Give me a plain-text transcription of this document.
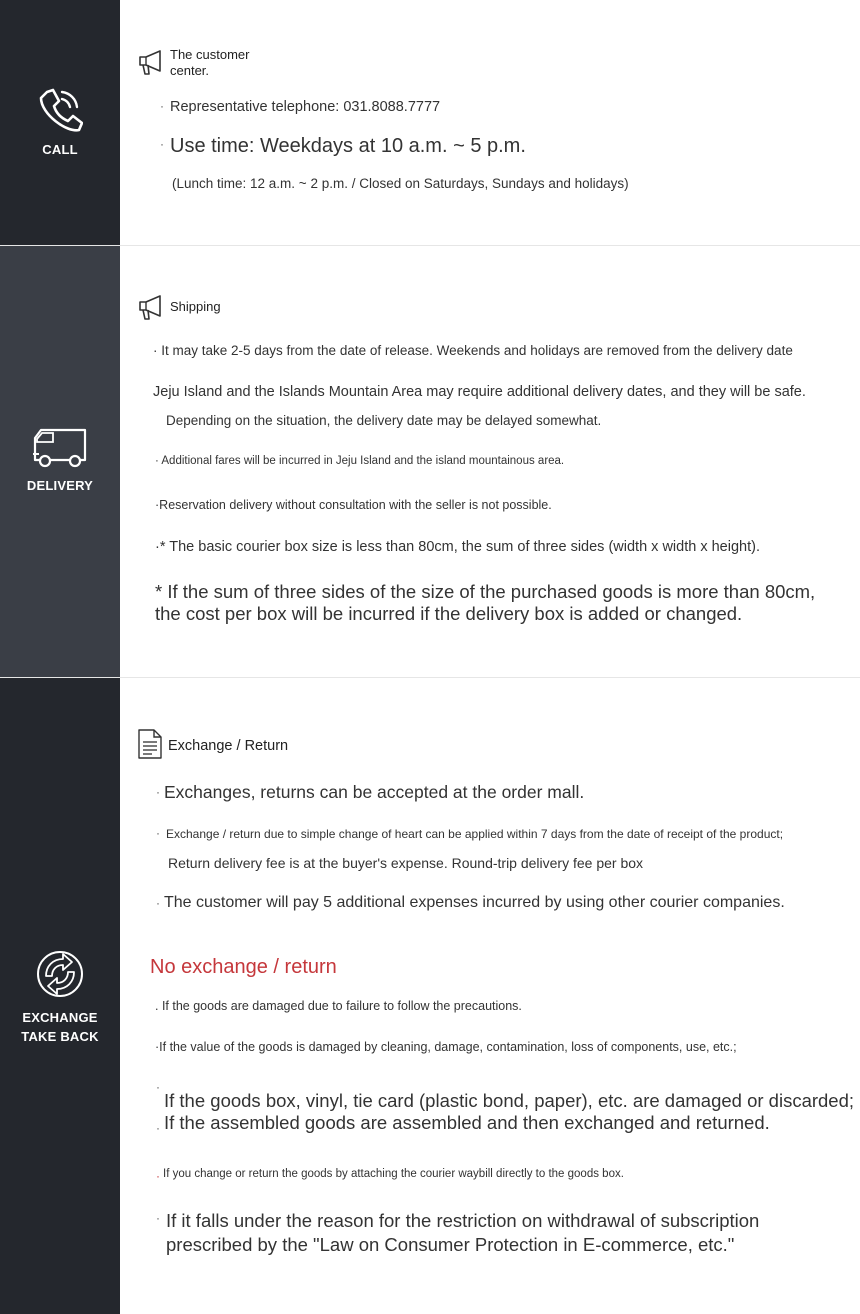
CALL
The customer
center.
· Representative telephone: 031.8088.7777
· Use time: Weekdays at 10 a.m. ~ 5 p.m.
(Lunch time: 12 a.m. ~ 2 p.m. / Closed on Saturdays, Sundays and holidays)
DELIVERY
Shipping
· It may take 2-5 days from the date of release. Weekends and holidays are removed from the delivery date
Jeju Island and the Islands Mountain Area may require additional delivery dates, and they will be safe.
Depending on the situation, the delivery date may be delayed somewhat.
· Additional fares will be incurred in Jeju Island and the island mountainous area.
·Reservation delivery without consultation with the seller is not possible.
·* The basic courier box size is less than 80cm, the sum of three sides (width x width x height).
* If the sum of three sides of the size of the purchased goods is more than 80cm,
the cost per box will be incurred if the delivery box is added or changed.
EXCHANGE
TAKE BACK
Exchange / Return
· Exchanges, returns can be accepted at the order mall.
· Exchange / return due to simple change of heart can be applied within 7 days from the date of receipt of the product;
Return delivery fee is at the buyer's expense. Round-trip delivery fee per box
· The customer will pay 5 additional expenses incurred by using other courier companies.
No exchange / return
. If the goods are damaged due to failure to follow the precautions.
·If the value of the goods is damaged by cleaning, damage, contamination, loss of components, use, etc.;
·
If the goods box, vinyl, tie card (plastic bond, paper), etc. are damaged or discarded;
· If the assembled goods are assembled and then exchanged and returned.
· If you change or return the goods by attaching the courier waybill directly to the goods box.
· If it falls under the reason for the restriction on withdrawal of subscription
prescribed by the "Law on Consumer Protection in E-commerce, etc."
